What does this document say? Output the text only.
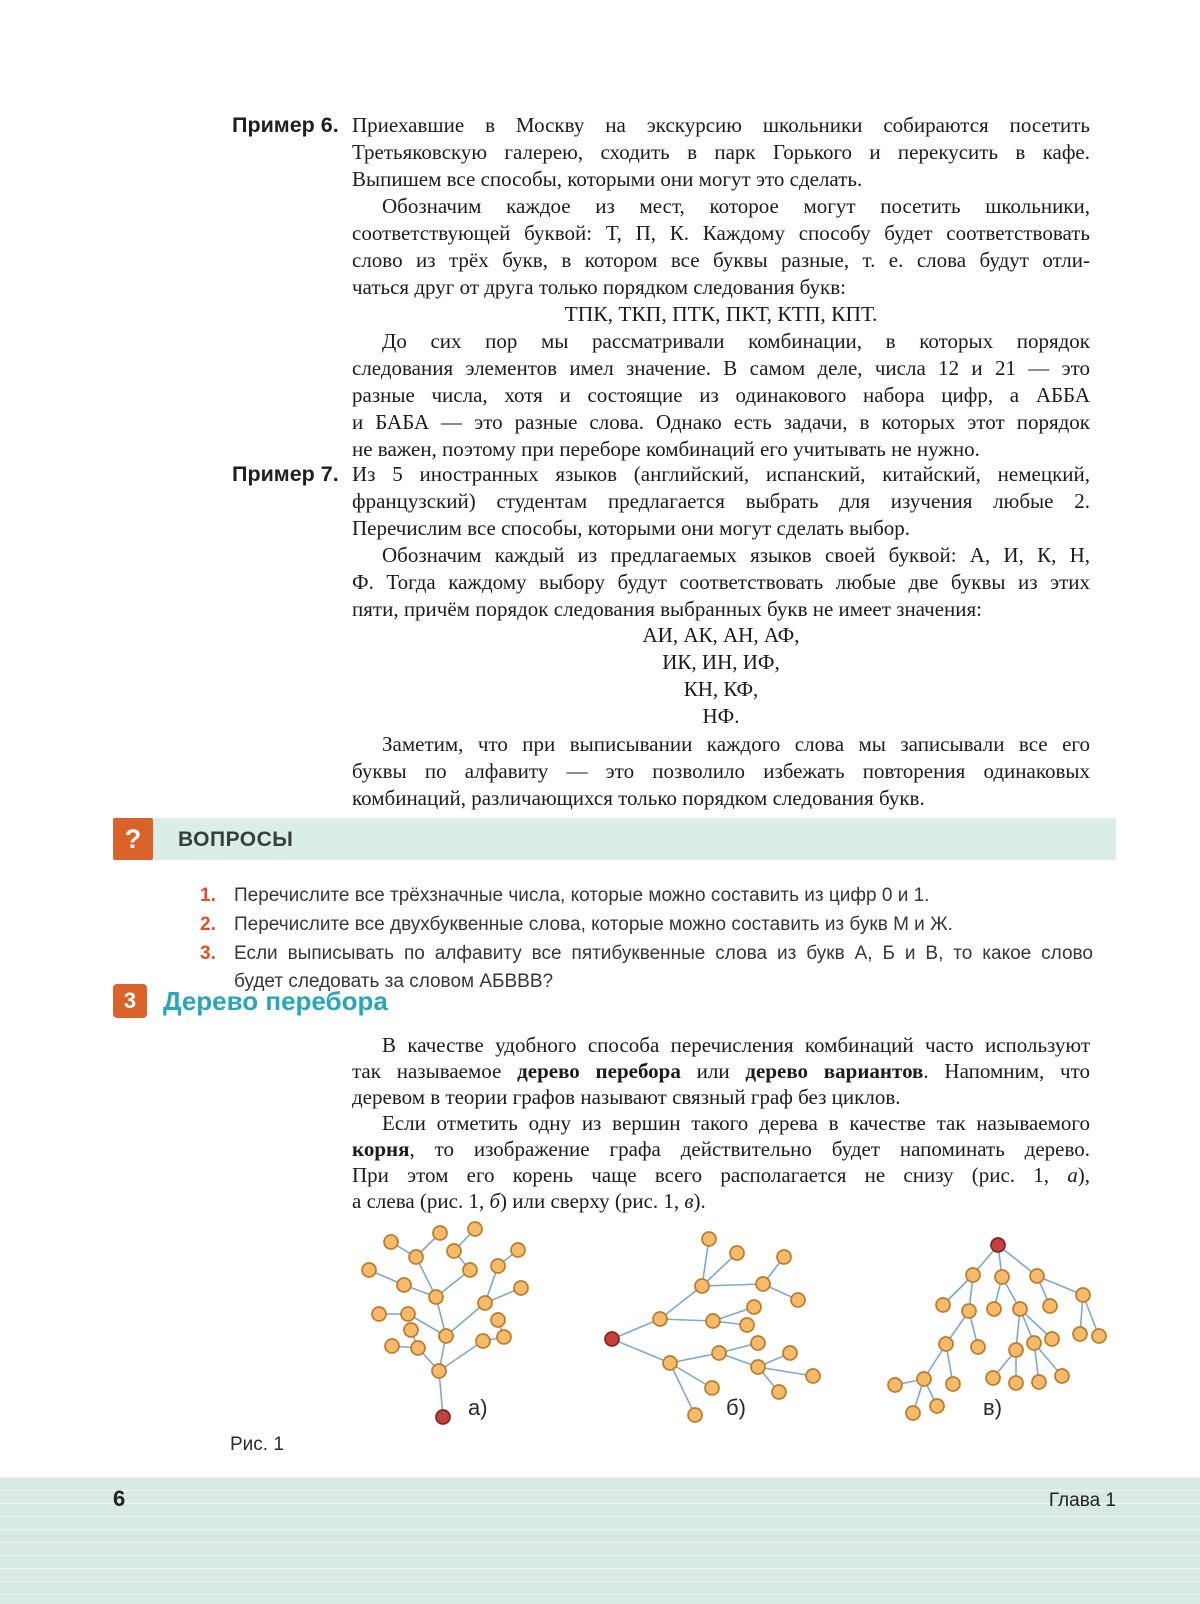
Пример 6. Приехавшие в Москву на экскурсию школьники собираются посетить
Третьяковскую галерею, сходить в парк Горького и перекусить в кафе.
Выпишем все способы, которыми они могут это сделать.
Обозначим каждое из мест, которое могут посетить школьники,
соответствующей буквой: Т, П, К. Каждому способу будет соответствовать
слово из трёх букв, в котором все буквы разные, т. е. слова будут отли-
чаться друг от друга только порядком следования букв:
ТПК, ТКП, ПТК, ПКТ, КТП, КПТ.
До сих пор мы рассматривали комбинации, в которых порядок
следования элементов имел значение. В самом деле, числа 12 и 21 — это
разные числа, хотя и состоящие из одинакового набора цифр, а АББА
и БАБА — это разные слова. Однако есть задачи, в которых этот порядок
не важен, поэтому при переборе комбинаций его учитывать не нужно.
Пример 7. Из 5 иностранных языков (английский, испанский, китайский, немецкий,
французский) студентам предлагается выбрать для изучения любые 2.
Перечислим все способы, которыми они могут сделать выбор.
Обозначим каждый из предлагаемых языков своей буквой: А, И, К, Н,
Ф. Тогда каждому выбору будут соответствовать любые две буквы из этих
пяти, причём порядок следования выбранных букв не имеет значения:
АИ, АК, АН, АФ,
ИК, ИН, ИФ,
КН, КФ,
НФ.
Заметим, что при выписывании каждого слова мы записывали все его
буквы по алфавиту — это позволило избежать повторения одинаковых
комбинаций, различающихся только порядком следования букв.
? ВОПРОСЫ
1. Перечислите все трёхзначные числа, которые можно составить из цифр 0 и 1.
2. Перечислите все двухбуквенные слова, которые можно составить из букв М и Ж.
3. Если выписывать по алфавиту все пятибуквенные слова из букв А, Б и В, то какое слово
будет следовать за словом АБВВВ?
3	Дерево перебора
В качестве удобного способа перечисления комбинаций часто используют
так называемое дерево перебора или дерево вариантов. Напомним, что
деревом в теории графов называют связный граф без циклов.
Если отметить одну из вершин такого дерева в качестве так называемого
корня, то изображение графа действительно будет напоминать дерево.
При этом его корень чаще всего располагается не снизу (рис. 1, а),
а слева (рис. 1, б) или сверху (рис. 1, в).
а)	б)	в)
Рис. 1
6	Глава 1
